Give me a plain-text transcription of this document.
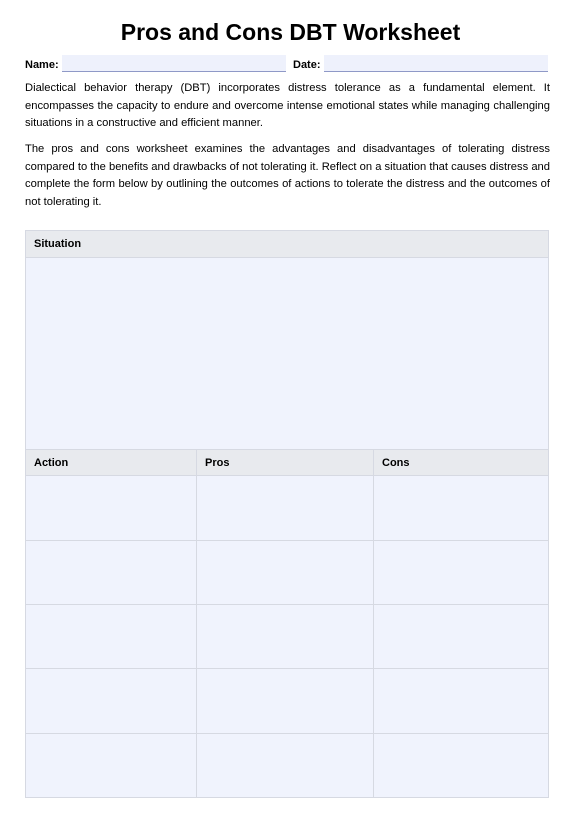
Pros and Cons DBT Worksheet
Name:	Date:

Dialectical behavior therapy (DBT) incorporates distress tolerance as a fundamental element. It encompasses the capacity to endure and overcome intense emotional states while managing challenging situations in a constructive and efficient manner.

The pros and cons worksheet examines the advantages and disadvantages of tolerating distress compared to the benefits and drawbacks of not tolerating it. Reflect on a situation that causes distress and complete the form below by outlining the outcomes of actions to tolerate the distress and the outcomes of not tolerating it.

Situation
Action	Pros	Cons
